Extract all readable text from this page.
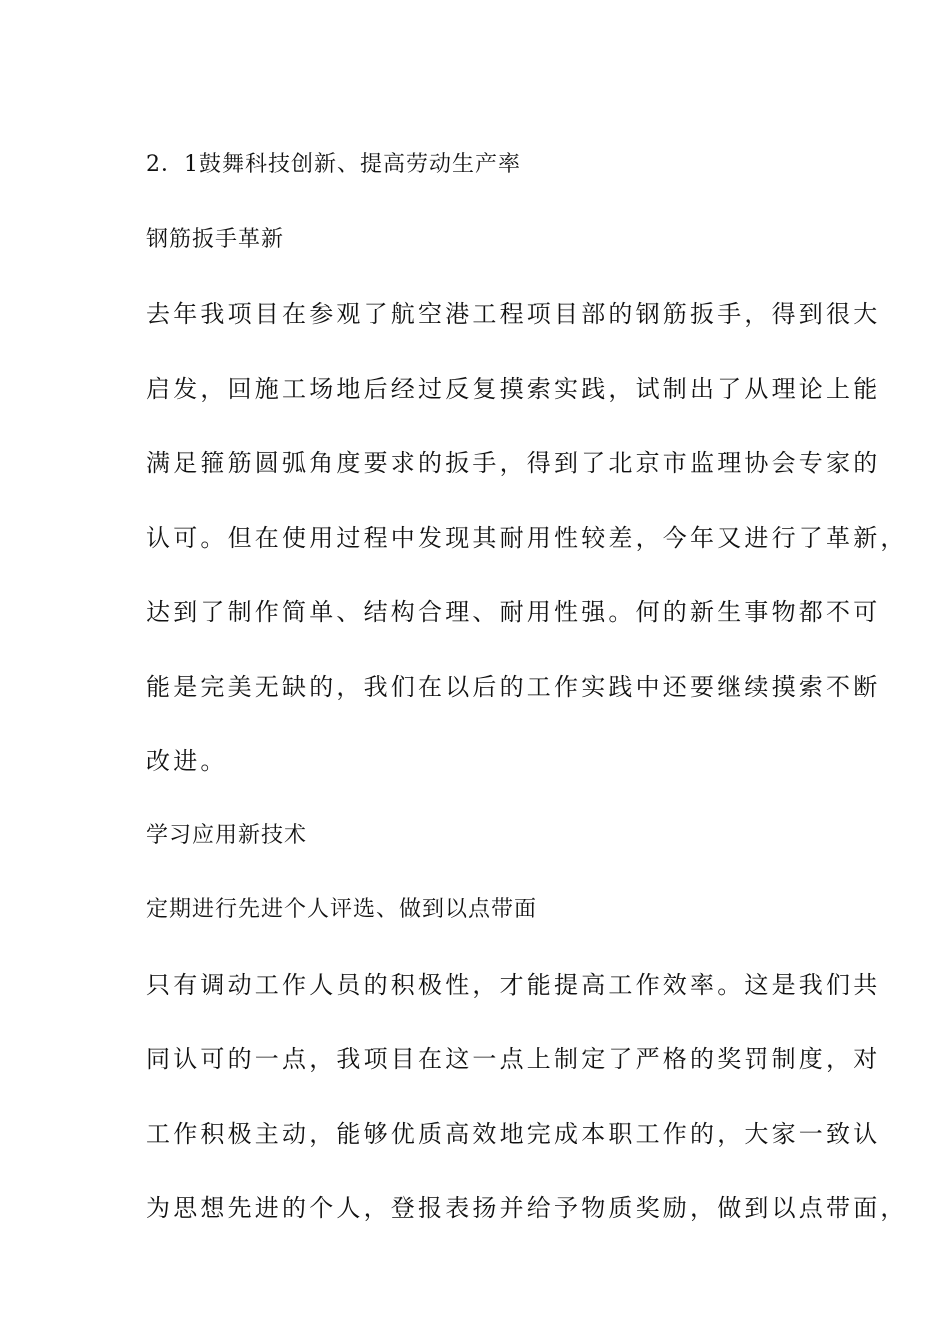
2．1鼓舞科技创新、提高劳动生产率
钢筋扳手革新
去年我项目在参观了航空港工程项目部的钢筋扳手，得到很大
启发，回施工场地后经过反复摸索实践，试制出了从理论上能
满足箍筋圆弧角度要求的扳手，得到了北京市监理协会专家的
认可。但在使用过程中发现其耐用性较差，今年又进行了革新，
达到了制作简单、结构合理、耐用性强。何的新生事物都不可
能是完美无缺的，我们在以后的工作实践中还要继续摸索不断
改进。
学习应用新技术
定期进行先进个人评选、做到以点带面
只有调动工作人员的积极性，才能提高工作效率。这是我们共
同认可的一点，我项目在这一点上制定了严格的奖罚制度，对
工作积极主动，能够优质高效地完成本职工作的，大家一致认
为思想先进的个人，登报表扬并给予物质奖励，做到以点带面，
